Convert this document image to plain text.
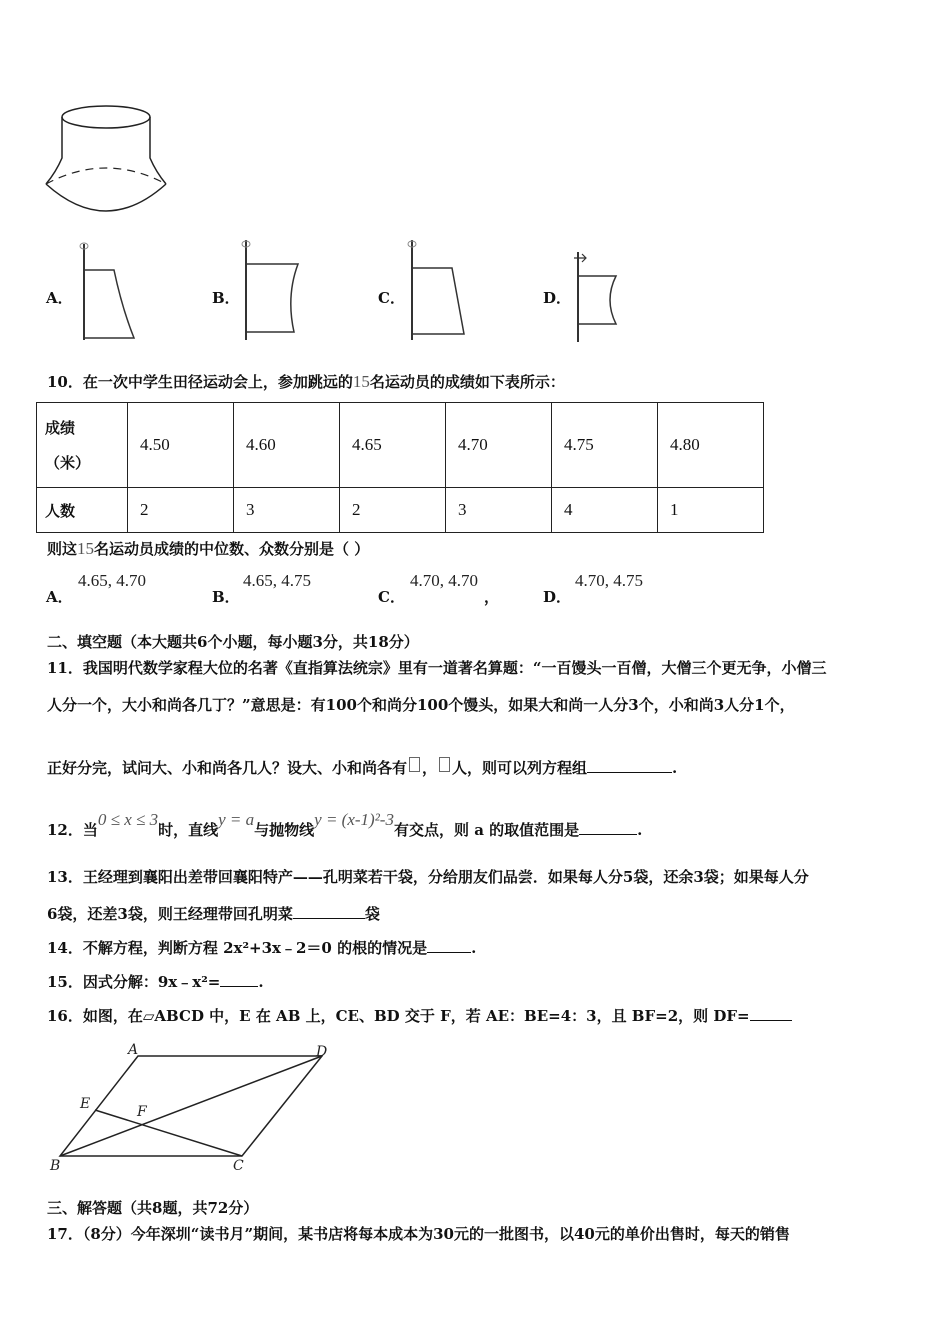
A．	B．	C．	D．
10．在一次中学生田径运动会上，参加跳远的15名运动员的成绩如下表所示：
成绩
（米）	4.50	4.60	4.65	4.70	4.75	4.80
人数	2	3	2	3	4	1
则这15名运动员成绩的中位数、众数分别是（ ）
A．
4.65, 4.70
B．
4.65, 4.75
C．
4.70, 4.70
，	D．
4.70, 4.75
二、填空题（本大题共6个小题，每小题3分，共18分）
11．我国明代数学家程大位的名著《直指算法统宗》里有一道著名算题：“一百馒头一百僧，大僧三个更无争，小僧三
人分一个，大小和尚各几丁？”意思是：有100个和尚分100个馒头，如果大和尚一人分3个，小和尚3人分1个，
正好分完，试问大、小和尚各几人？设大、小和尚各有 ， 人，则可以列方程组	.
12．当0 ≤ x ≤ 3时，直线y = a与抛物线y = (x-1)²-3有交点，则 a 的取值范围是	.
13．王经理到襄阳出差带回襄阳特产——孔明菜若干袋，分给朋友们品尝．如果每人分5袋，还余3袋；如果每人分
6袋，还差3袋，则王经理带回孔明菜	袋
14．不解方程，判断方程 2x²+3x﹣2＝0 的根的情况是	.
15．因式分解：9x﹣x²=	.
16．如图，在▱ABCD 中，E 在 AB 上，CE、BD 交于 F，若 AE：BE=4：3，且 BF=2，则 DF=
A	D
E	F
B	C
三、解答题（共8题，共72分）
17．（8分）今年深圳“读书月”期间，某书店将每本成本为30元的一批图书，以40元的单价出售时，每天的销售
